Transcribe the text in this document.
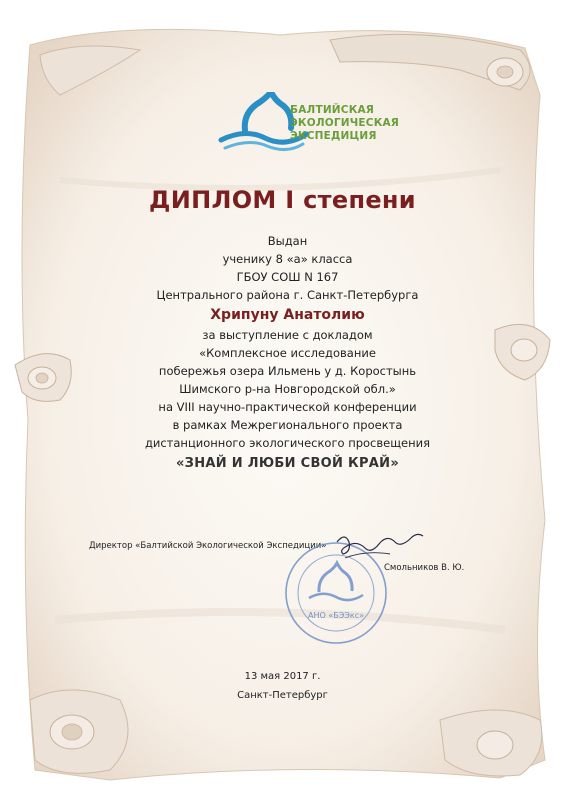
БАЛТИЙСКАЯ
ЭКОЛОГИЧЕСКАЯ
ЭКСПЕДИЦИЯ
ДИПЛОМ I степени
Выдан
ученику 8 «а» класса
ГБОУ СОШ N 167
Центрального района г. Санкт-Петербурга
Хрипуну Анатолию
за выступление с докладом
«Комплексное исследование
побережья озера Ильмень у д. Коростынь
Шимского р-на Новгородской обл.»
на VIII научно-практической конференции
в рамках Межрегионального проекта
дистанционного экологического просвещения
«ЗНАЙ И ЛЮБИ СВОЙ КРАЙ»
Директор «Балтийской Экологической Экспедиции»
АНО «БЭЭкс»
Смольников В. Ю.
13 мая 2017 г.
Санкт-Петербург
